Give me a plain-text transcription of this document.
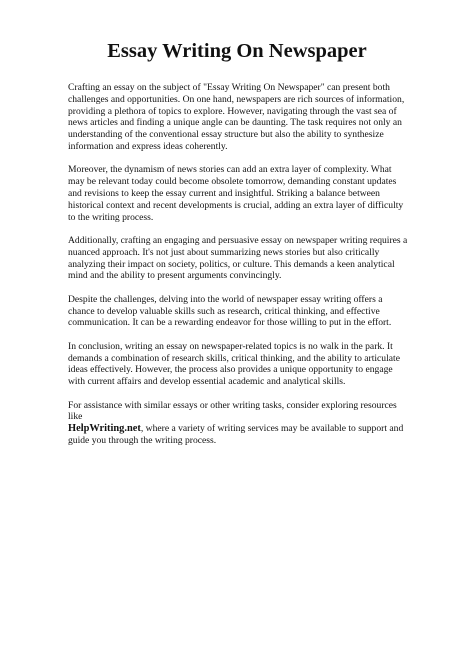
Essay Writing On Newspaper

Crafting an essay on the subject of "Essay Writing On Newspaper" can present both challenges and opportunities. On one hand, newspapers are rich sources of information, providing a plethora of topics to explore. However, navigating through the vast sea of news articles and finding a unique angle can be daunting. The task requires not only an understanding of the conventional essay structure but also the ability to synthesize information and express ideas coherently.

Moreover, the dynamism of news stories can add an extra layer of complexity. What may be relevant today could become obsolete tomorrow, demanding constant updates and revisions to keep the essay current and insightful. Striking a balance between historical context and recent developments is crucial, adding an extra layer of difficulty to the writing process.

Additionally, crafting an engaging and persuasive essay on newspaper writing requires a nuanced approach. It's not just about summarizing news stories but also critically analyzing their impact on society, politics, or culture. This demands a keen analytical mind and the ability to present arguments convincingly.

Despite the challenges, delving into the world of newspaper essay writing offers a chance to develop valuable skills such as research, critical thinking, and effective communication. It can be a rewarding endeavor for those willing to put in the effort.

In conclusion, writing an essay on newspaper-related topics is no walk in the park. It demands a combination of research skills, critical thinking, and the ability to articulate ideas effectively. However, the process also provides a unique opportunity to engage with current affairs and develop essential academic and analytical skills.

For assistance with similar essays or other writing tasks, consider exploring resources like
HelpWriting.net, where a variety of writing services may be available to support and guide you through the writing process.
